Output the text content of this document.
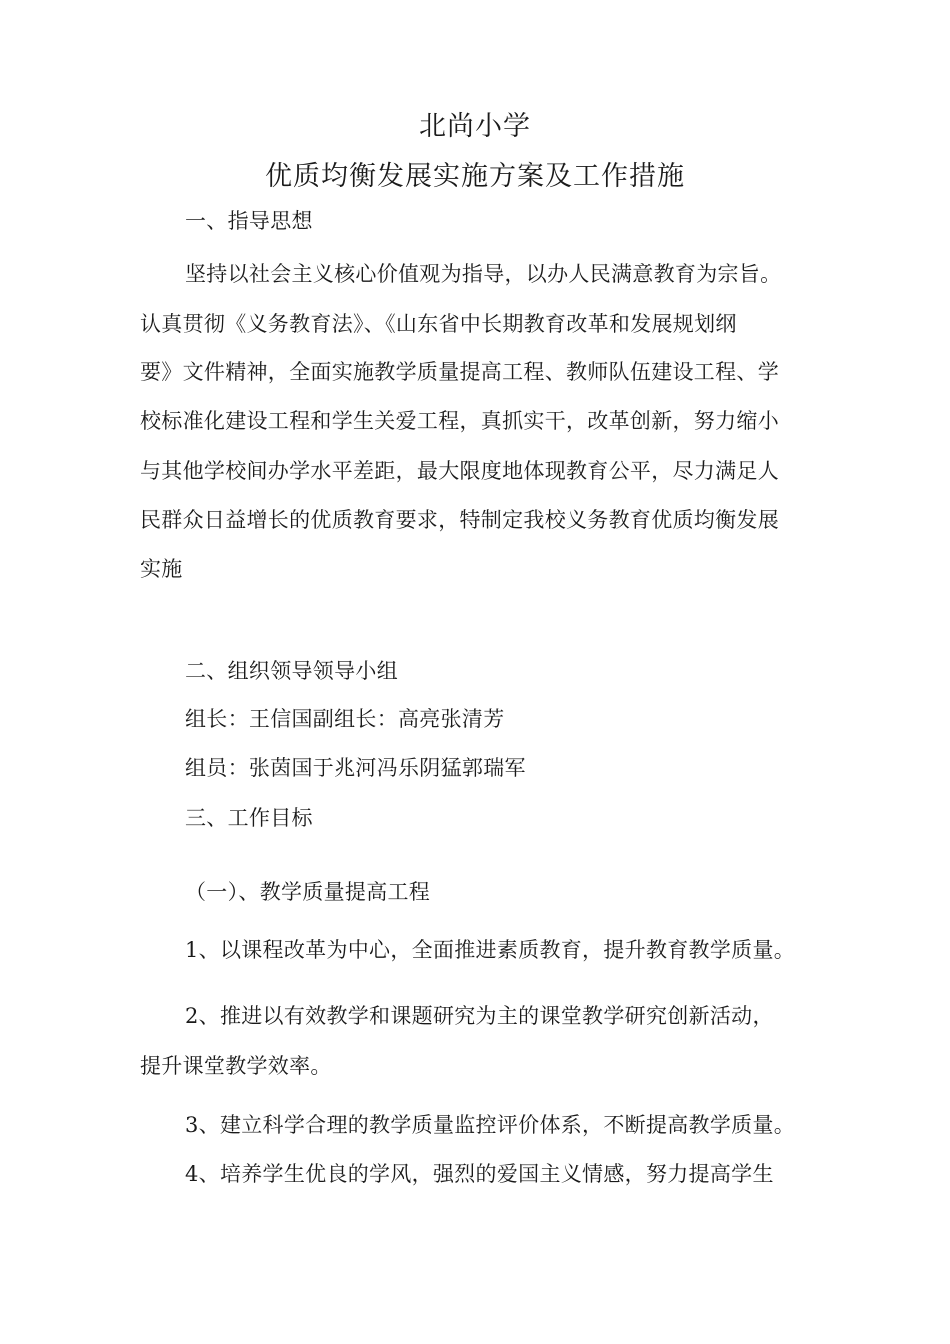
北尚小学
优质均衡发展实施方案及工作措施
一、指导思想
坚持以社会主义核心价值观为指导，以办人民满意教育为宗旨。
认真贯彻《义务教育法》、《山东省中长期教育改革和发展规划纲
要》文件精神，全面实施教学质量提高工程、教师队伍建设工程、学
校标准化建设工程和学生关爱工程，真抓实干，改革创新，努力缩小
与其他学校间办学水平差距，最大限度地体现教育公平，尽力满足人
民群众日益增长的优质教育要求，特制定我校义务教育优质均衡发展
实施
二、组织领导领导小组
组长：王信国副组长：高亮张清芳
组员：张茵国于兆河冯乐阴猛郭瑞军
三、工作目标
（一）、教学质量提高工程
1、以课程改革为中心，全面推进素质教育，提升教育教学质量。
2、推进以有效教学和课题研究为主的课堂教学研究创新活动，
提升课堂教学效率。
3、建立科学合理的教学质量监控评价体系，不断提高教学质量。
4、培养学生优良的学风，强烈的爱国主义情感，努力提高学生
